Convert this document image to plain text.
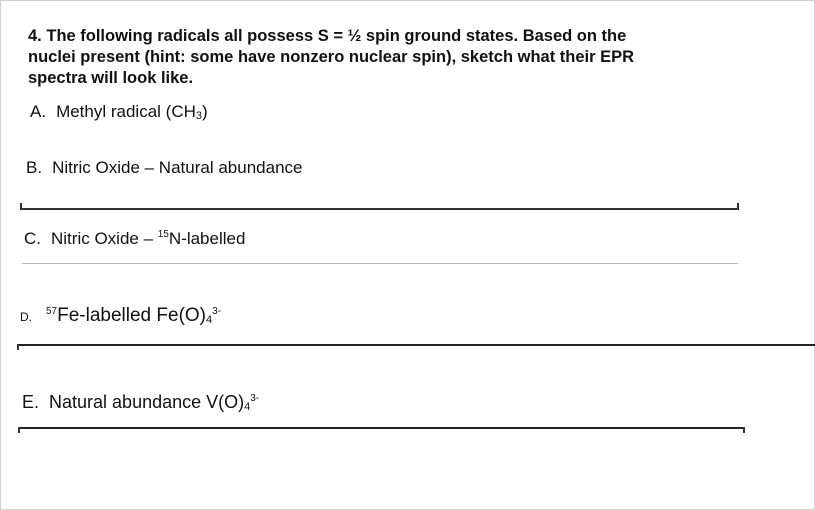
4. The following radicals all possess S = ½ spin ground states. Based on the nuclei present (hint: some have nonzero nuclear spin), sketch what their EPR spectra will look like.
A. Methyl radical $(CH_3)$
B. Nitric Oxide – Natural abundance
C. Nitric Oxide – $^{15}$N-labelled
D. $^{57}$Fe-labelled $Fe(O)_4^{3-}$
E. Natural abundance $V(O)_4^{3-}$
